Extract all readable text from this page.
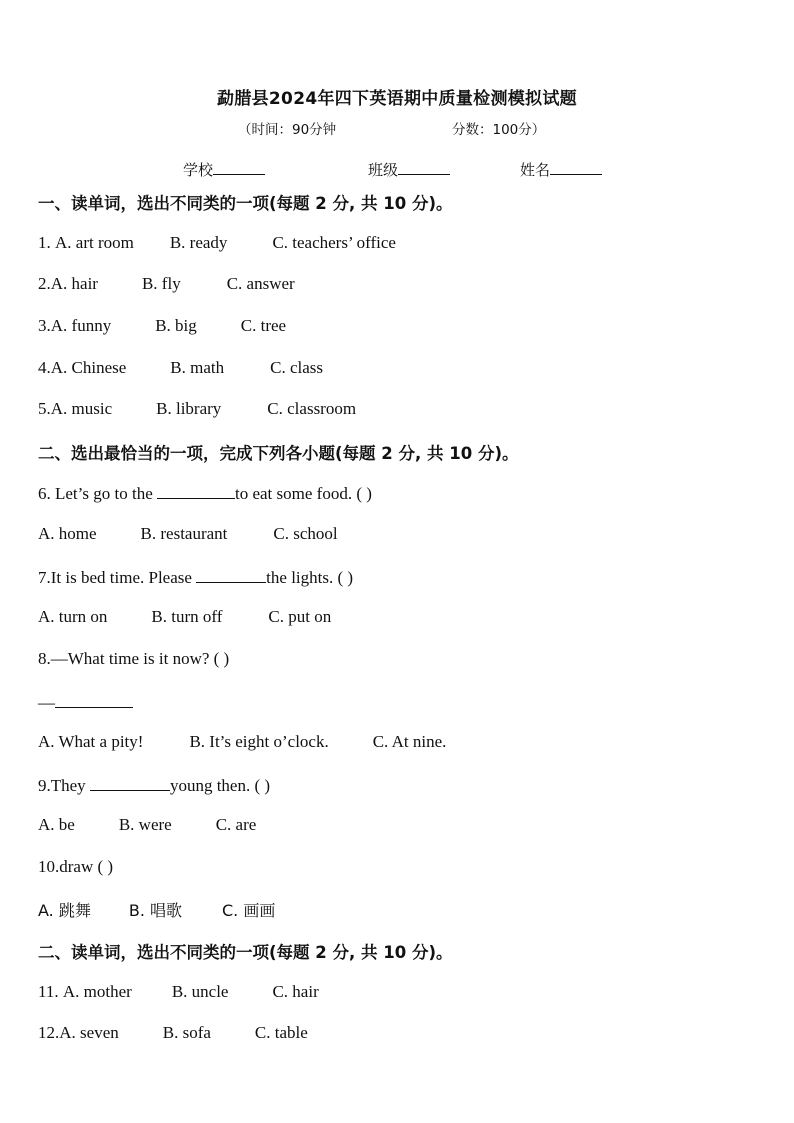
勐腊县2024年四下英语期中质量检测模拟试题
（时间：90分钟	分数：100分）
学校	班级	姓名
一、读单词，选出不同类的一项(每题 2 分, 共 10 分)。
1. A. art room B. ready	C. teachers’ office
2.A. hair	B. fly	C. answer
3.A. funny	B. big	C. tree
4.A. Chinese	B. math	C. class
5.A. music	B. library	C. classroom
二、选出最恰当的一项，完成下列各小题(每题 2 分, 共 10 分)。
6. Let’s go to the	to eat some food. ( )
A. home	B. restaurant	C. school
7.It is bed time. Please	the lights. ( )
A. turn on	B. turn off	C. put on
8.—What time is it now? ( )
—
A. What a pity!	B. It’s eight o’clock.	C. At nine.
9.They	young then. ( )
A. be	B. were	C. are
10.draw ( )
A. 跳舞 B. 唱歌	C. 画画
二、读单词，选出不同类的一项(每题 2 分, 共 10 分)。
11. A. mother B. uncle	C. hair
12.A. seven	B. sofa	C. table
